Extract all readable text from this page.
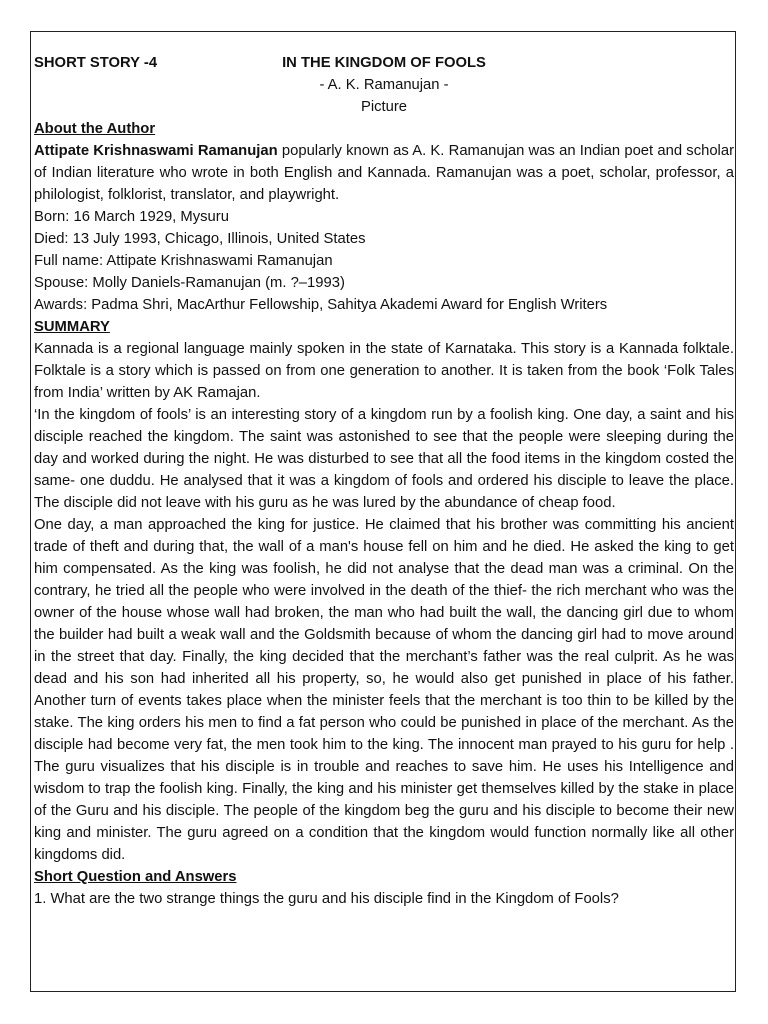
SHORT STORY -4	IN THE KINGDOM OF FOOLS
- A. K. Ramanujan -
Picture
About the Author

Attipate Krishnaswami Ramanujan popularly known as A. K. Ramanujan was an Indian poet and scholar of Indian literature who wrote in both English and Kannada. Ramanujan was a poet, scholar, professor, a philologist, folklorist, translator, and playwright.

Born: 16 March 1929, Mysuru

Died: 13 July 1993, Chicago, Illinois, United States

Full name: Attipate Krishnaswami Ramanujan

Spouse: Molly Daniels-Ramanujan (m. ?–1993)

Awards: Padma Shri, MacArthur Fellowship, Sahitya Akademi Award for English Writers

SUMMARY

Kannada is a regional language mainly spoken in the state of Karnataka. This story is a Kannada folktale. Folktale is a story which is passed on from one generation to another. It is taken from the book ‘Folk Tales from India’ written by AK Ramajan.

‘In the kingdom of fools’ is an interesting story of a kingdom run by a foolish king. One day, a saint and his disciple reached the kingdom. The saint was astonished to see that the people were sleeping during the day and worked during the night. He was disturbed to see that all the food items in the kingdom costed the same- one duddu. He analysed that it was a kingdom of fools and ordered his disciple to leave the place. The disciple did not leave with his guru as he was lured by the abundance of cheap food.

One day, a man approached the king for justice. He claimed that his brother was committing his ancient trade of theft and during that, the wall of a man's house fell on him and he died. He asked the king to get him compensated. As the king was foolish, he did not analyse that the dead man was a criminal. On the contrary, he tried all the people who were involved in the death of the thief- the rich merchant who was the owner of the house whose wall had broken, the man who had built the wall, the dancing girl due to whom the builder had built a weak wall and the Goldsmith because of whom the dancing girl had to move around in the street that day. Finally, the king decided that the merchant’s father was the real culprit. As he was dead and his son had inherited all his property, so, he would also get punished in place of his father. Another turn of events takes place when the minister feels that the merchant is too thin to be killed by the stake. The king orders his men to find a fat person who could be punished in place of the merchant. As the disciple had become very fat, the men took him to the king. The innocent man prayed to his guru for help . The guru visualizes that his disciple is in trouble and reaches to save him. He uses his Intelligence and wisdom to trap the foolish king. Finally, the king and his minister get themselves killed by the stake in place of the Guru and his disciple. The people of the kingdom beg the guru and his disciple to become their new king and minister. The guru agreed on a condition that the kingdom would function normally like all other kingdoms did.

Short Question and Answers

1. What are the two strange things the guru and his disciple find in the Kingdom of Fools?
